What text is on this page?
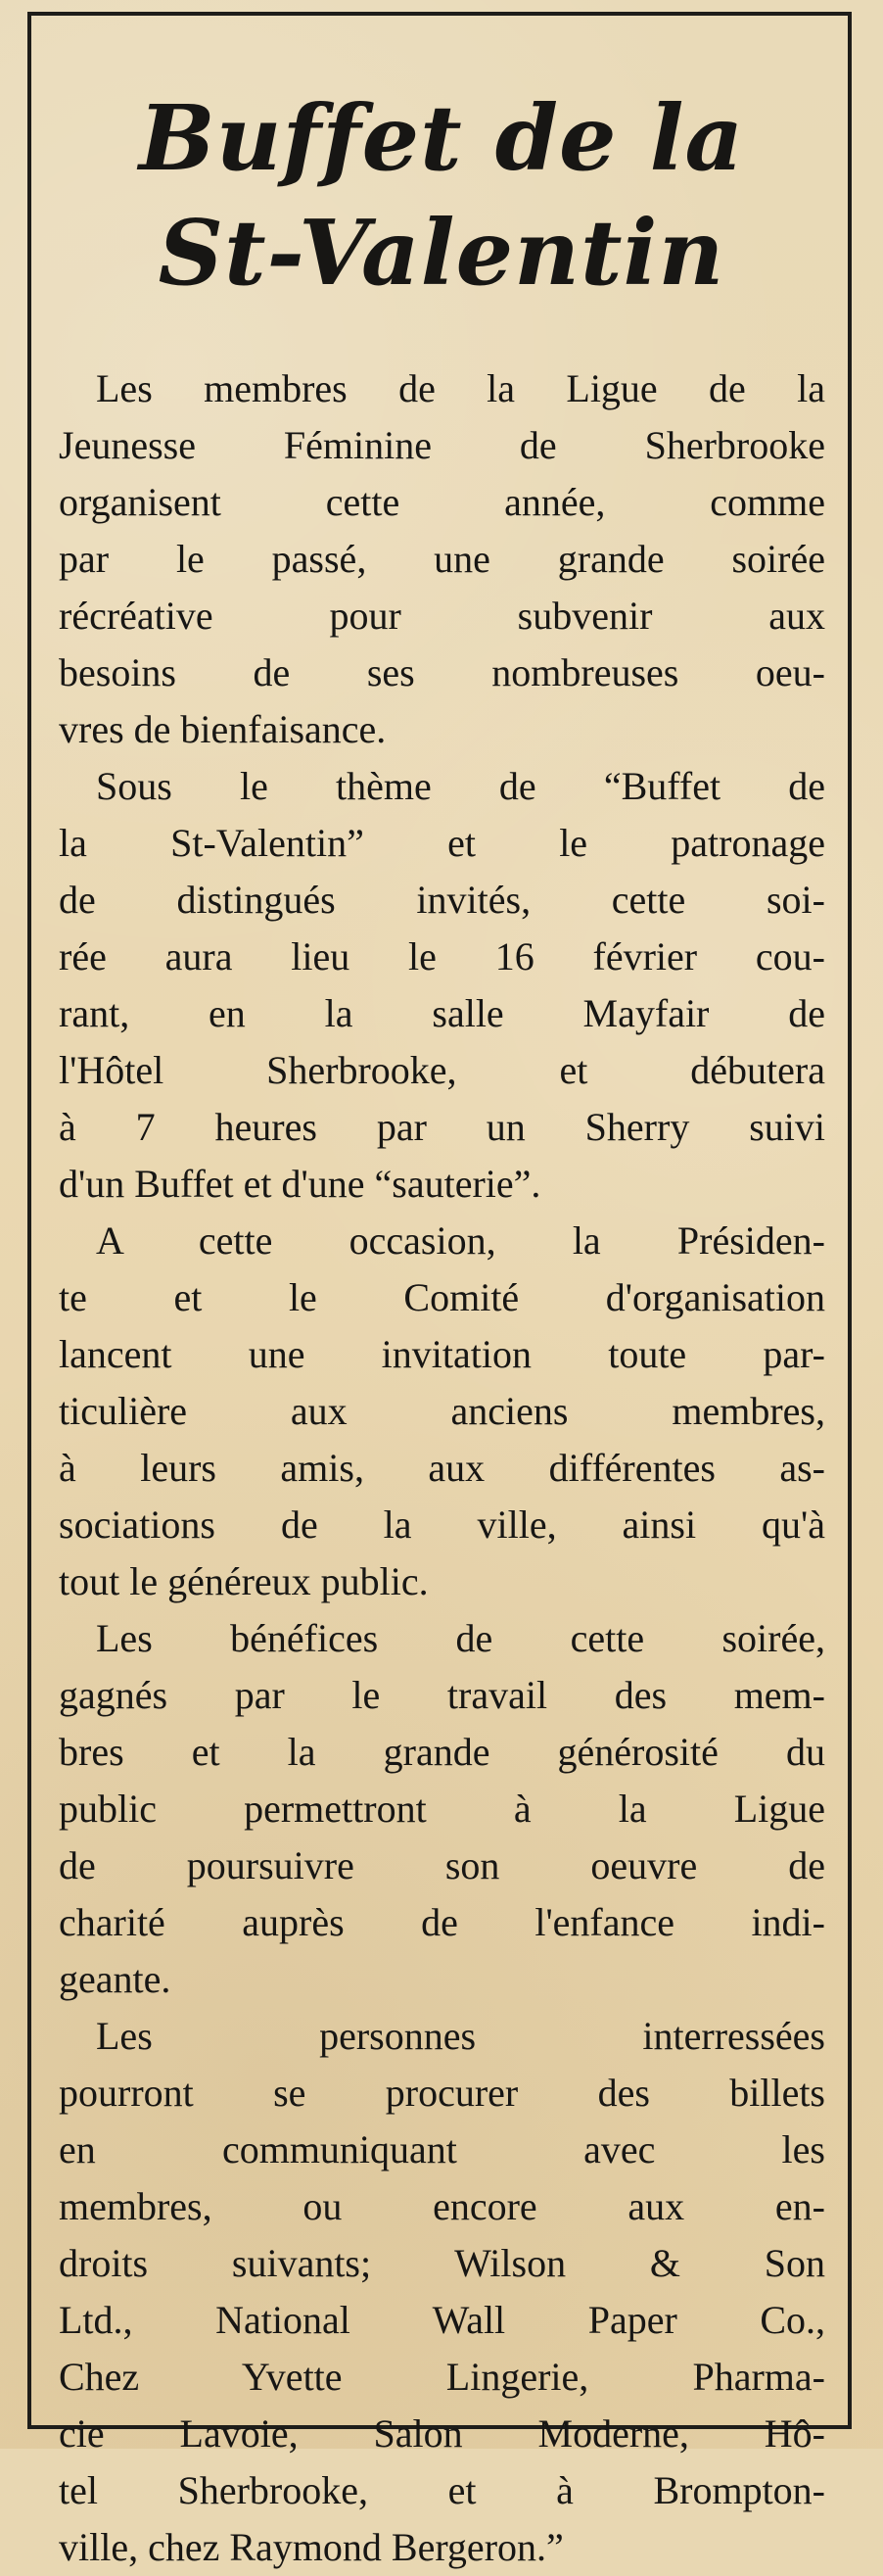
Buffet de la
St-Valentin
Les membres de la Ligue de la
Jeunesse Féminine de Sherbrooke
organisent cette année, comme
par le passé, une grande soirée
récréative pour subvenir aux
besoins de ses nombreuses oeu-
vres de bienfaisance.
Sous le thème de “Buffet de
la St-Valentin” et le patronage
de distingués invités, cette soi-
rée aura lieu le 16 février cou-
rant, en la salle Mayfair de
l'Hôtel Sherbrooke, et débutera
à 7 heures par un Sherry suivi
d'un Buffet et d'une “sauterie”.
A cette occasion, la Présiden-
te et le Comité d'organisation
lancent une invitation toute par-
ticulière aux anciens membres,
à leurs amis, aux différentes as-
sociations de la ville, ainsi qu'à
tout le généreux public.
Les bénéfices de cette soirée,
gagnés par le travail des mem-
bres et la grande générosité du
public permettront à la Ligue
de poursuivre son oeuvre de
charité auprès de l'enfance indi-
geante.
Les personnes interressées
pourront se procurer des billets
en communiquant avec les
membres, ou encore aux en-
droits suivants; Wilson & Son
Ltd., National Wall Paper Co.,
Chez Yvette Lingerie, Pharma-
cie Lavoie, Salon Moderne, Hô-
tel Sherbrooke, et à Brompton-
ville, chez Raymond Bergeron.”
